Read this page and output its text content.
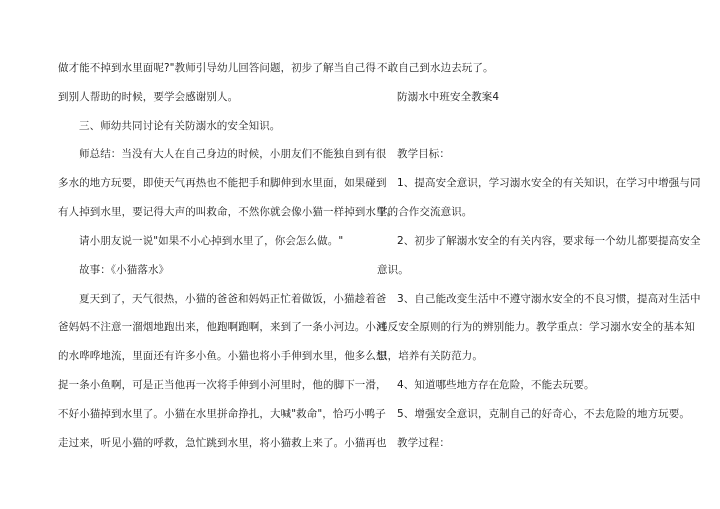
做才能不掉到水里面呢?"教师引导幼儿回答问题，初步了解当自己得
到别人帮助的时候，要学会感谢别人。
三、师幼共同讨论有关防溺水的安全知识。
师总结：当没有大人在自己身边的时候，小朋友们不能独自到有很
多水的地方玩要，即使天气再热也不能把手和脚伸到水里面，如果碰到
有人掉到水里，要记得大声的叫救命，不然你就会像小猫一样掉到水里。
请小朋友说一说"如果不小心掉到水里了，你会怎么做。"
故事：《小猫落水》
夏天到了，天气很热，小猫的爸爸和妈妈正忙着做饭，小猫趁着爸
爸妈妈不注意一溜烟地跑出来，他跑啊跑啊，来到了一条小河边。小河
的水哗哗地流，里面还有许多小鱼。小猫也将小手伸到水里，他多么想
捉一条小鱼啊，可是正当他再一次将手伸到小河里时，他的脚下一滑，
不好小猫掉到水里了。小猫在水里拼命挣扎，大喊"救命"，恰巧小鸭子
走过来，听见小猫的呼救，急忙跳到水里，将小猫救上来了。小猫再也
不敢自己到水边去玩了。
防溺水中班安全教案4
教学目标：
1、提高安全意识，学习溺水安全的有关知识，在学习中增强与同
学的合作交流意识。
2、初步了解溺水安全的有关内容，要求每一个幼儿都要提高安全
意识。
3、自己能改变生活中不遵守溺水安全的不良习惯，提高对生活中
违反安全原则的行为的辨别能力。教学重点：学习溺水安全的基本知
识，培养有关防范力。
4、知道哪些地方存在危险，不能去玩要。
5、增强安全意识，克制自己的好奇心，不去危险的地方玩要。
教学过程：
